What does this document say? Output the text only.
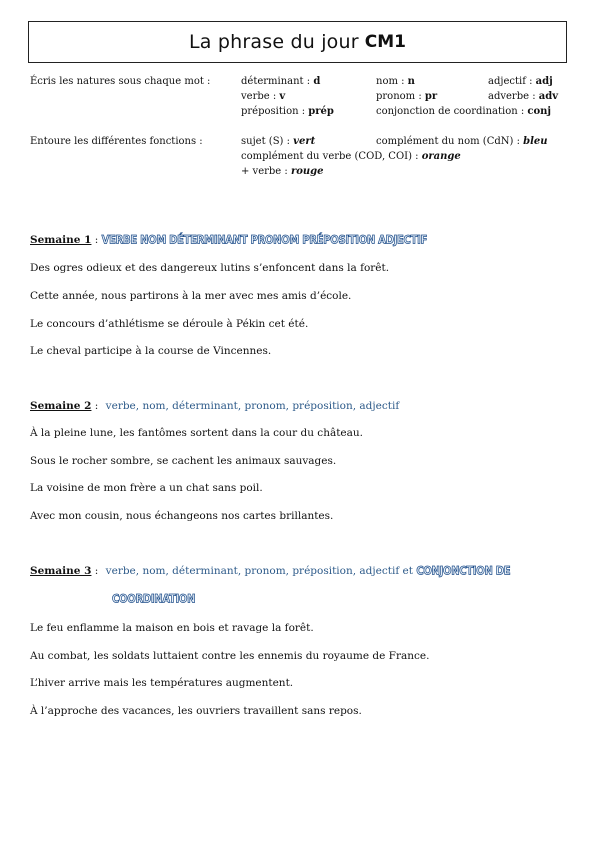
La phrase du jour CM1
Écris les natures sous chaque mot :	déterminant : d	nom : n	adjectif : adj
verbe : v	pronom : pr	adverbe : adv
préposition : prép	conjonction de coordination : conj
Entoure les différentes fonctions :	sujet (S) : vert	complément du nom (CdN) : bleu
complément du verbe (COD, COI) : orange
+ verbe : rouge
Semaine 1 : VERBE NOM DÉTERMINANT PRONOM PRÉPOSITION ADJECTIF
Des ogres odieux et des dangereux lutins s’enfoncent dans la forêt.
Cette année, nous partirons à la mer avec mes amis d’école.
Le concours d’athlétisme se déroule à Pékin cet été.
Le cheval participe à la course de Vincennes.
Semaine 2 : verbe, nom, déterminant, pronom, préposition, adjectif
À la pleine lune, les fantômes sortent dans la cour du château.
Sous le rocher sombre, se cachent les animaux sauvages.
La voisine de mon frère a un chat sans poil.
Avec mon cousin, nous échangeons nos cartes brillantes.
Semaine 3 : verbe, nom, déterminant, pronom, préposition, adjectif et CONJONCTION DE
COORDINATION
Le feu enflamme la maison en bois et ravage la forêt.
Au combat, les soldats luttaient contre les ennemis du royaume de France.
L’hiver arrive mais les températures augmentent.
À l’approche des vacances, les ouvriers travaillent sans repos.
